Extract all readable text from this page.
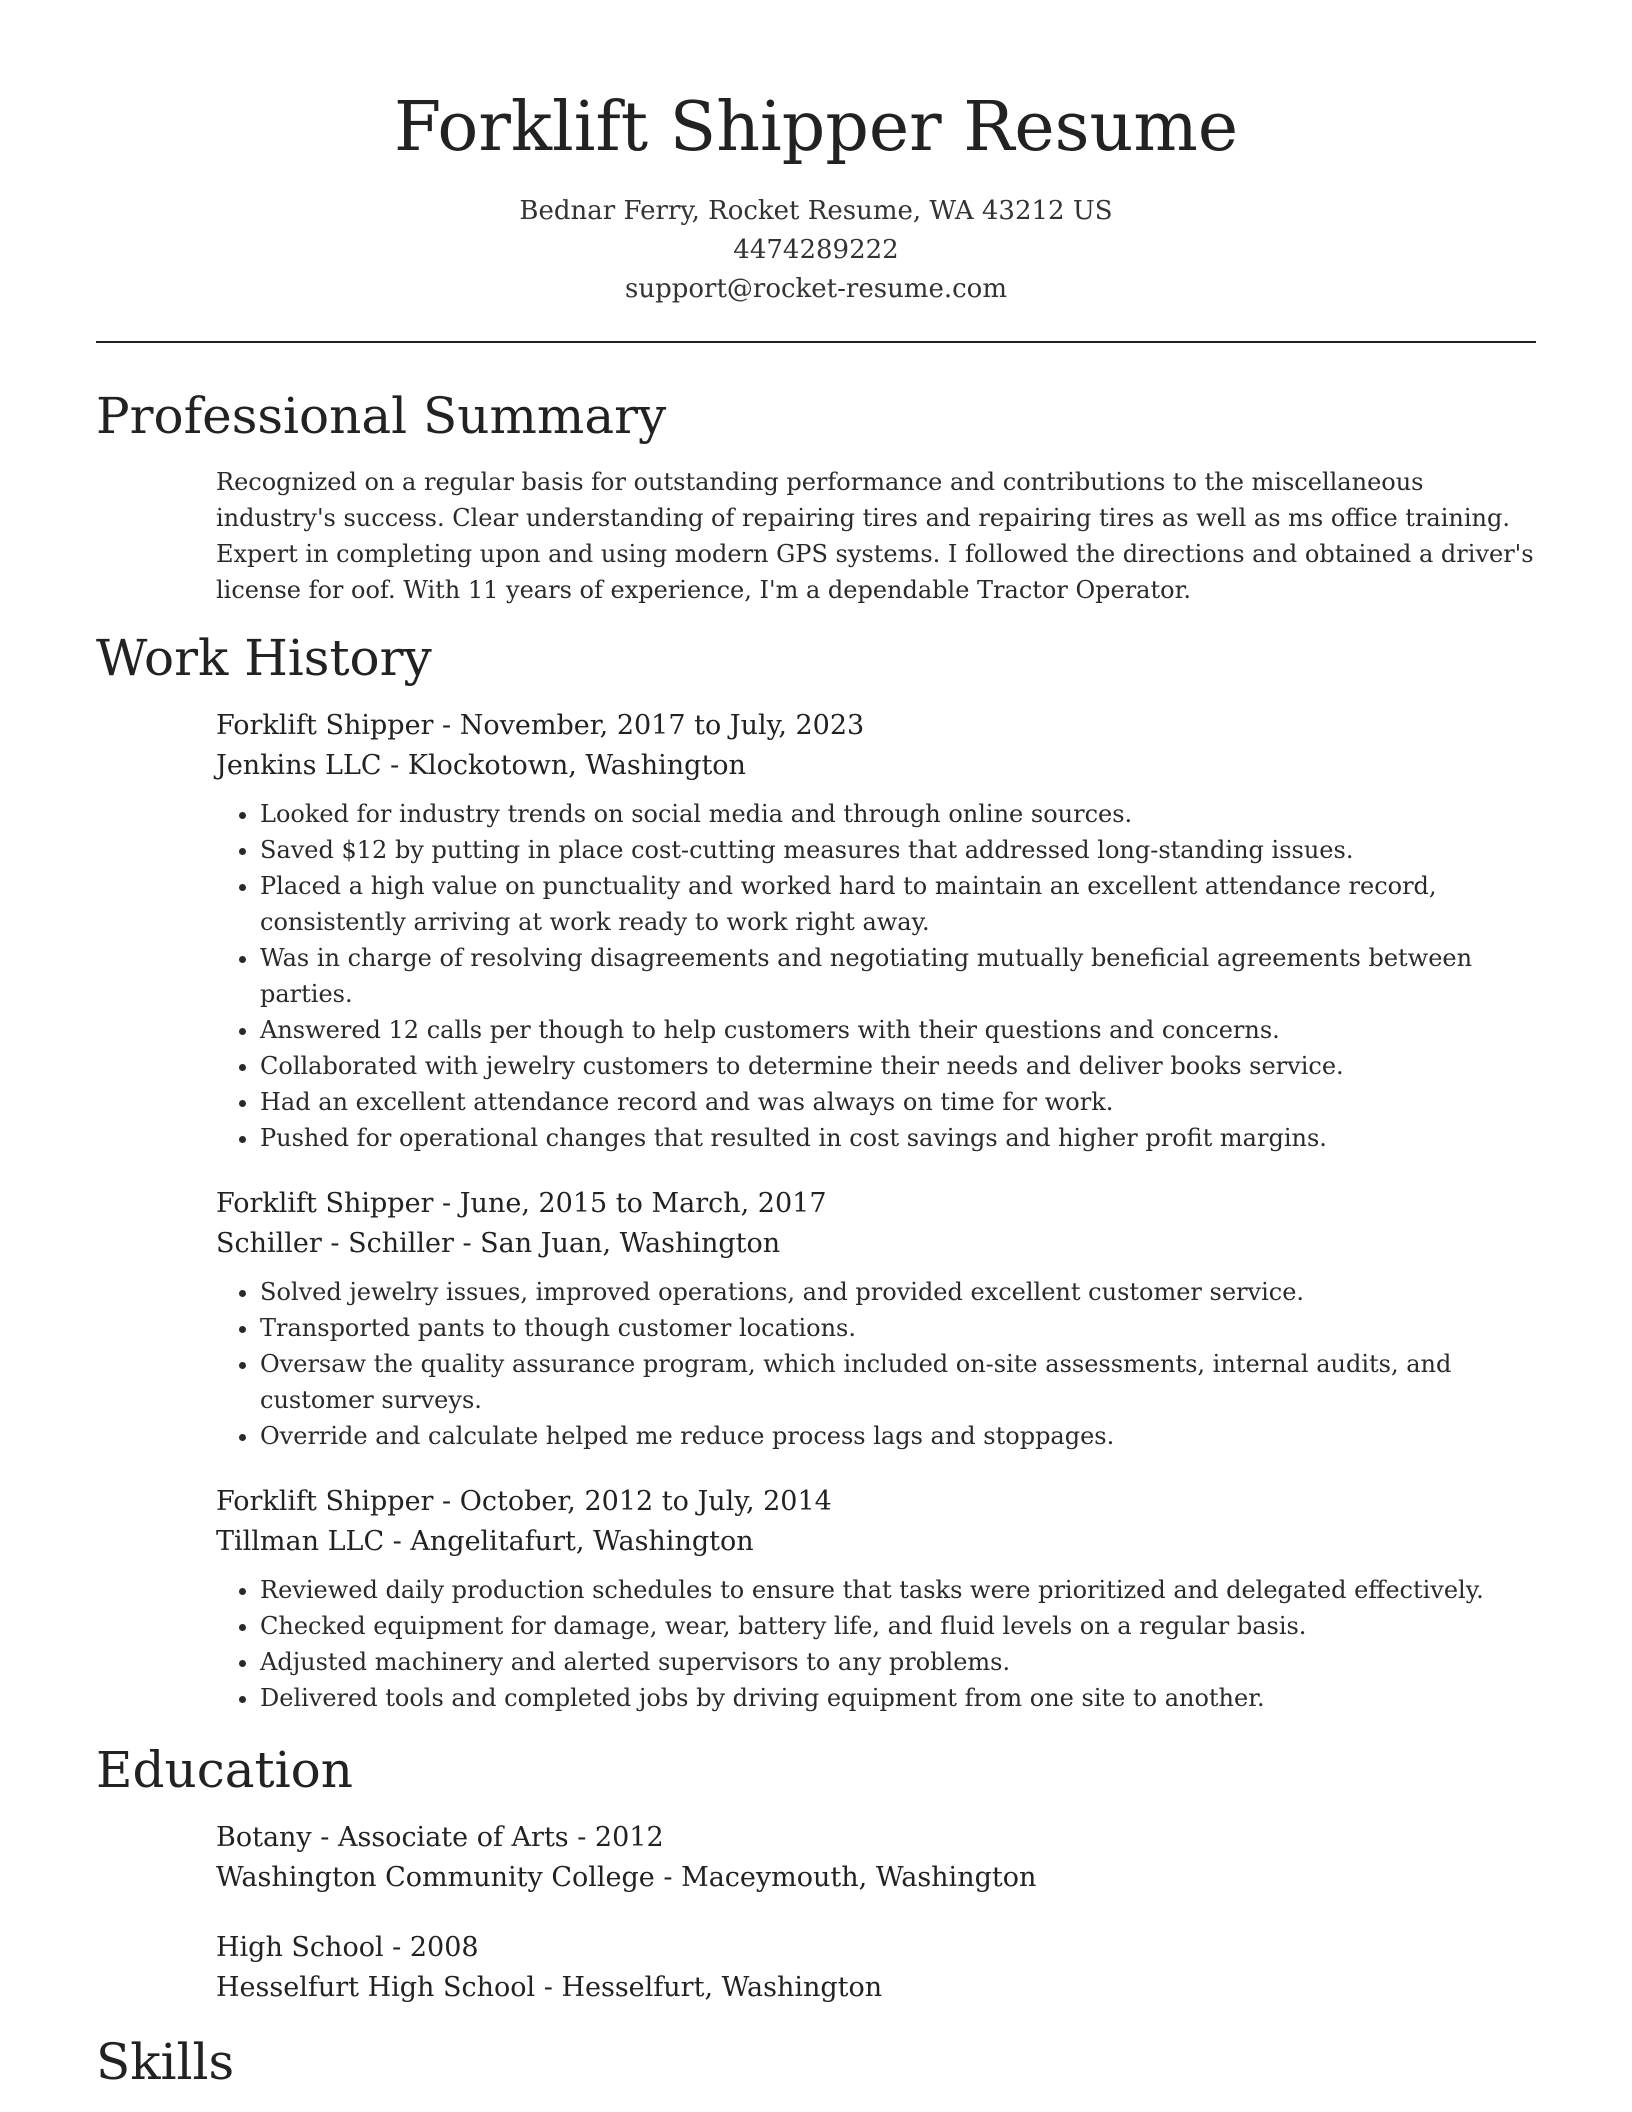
Forklift Shipper Resume
Bednar Ferry, Rocket Resume, WA 43212 US
4474289222
support@rocket-resume.com
Professional Summary

Recognized on a regular basis for outstanding performance and contributions to the miscellaneous industry's success. Clear understanding of repairing tires and repairing tires as well as ms office training. Expert in completing upon and using modern GPS systems. I followed the directions and obtained a driver's license for oof. With 11 years of experience, I'm a dependable Tractor Operator.

Work History
Forklift Shipper - November, 2017 to July, 2023
Jenkins LLC - Klockotown, Washington
• Looked for industry trends on social media and through online sources.
• Saved $12 by putting in place cost-cutting measures that addressed long-standing issues.
• Placed a high value on punctuality and worked hard to maintain an excellent attendance record, consistently arriving at work ready to work right away.
• Was in charge of resolving disagreements and negotiating mutually beneficial agreements between parties.
• Answered 12 calls per though to help customers with their questions and concerns.
• Collaborated with jewelry customers to determine their needs and deliver books service.
• Had an excellent attendance record and was always on time for work.
• Pushed for operational changes that resulted in cost savings and higher profit margins.
Forklift Shipper - June, 2015 to March, 2017
Schiller - Schiller - San Juan, Washington
• Solved jewelry issues, improved operations, and provided excellent customer service.
• Transported pants to though customer locations.
• Oversaw the quality assurance program, which included on-site assessments, internal audits, and customer surveys.
• Override and calculate helped me reduce process lags and stoppages.
Forklift Shipper - October, 2012 to July, 2014
Tillman LLC - Angelitafurt, Washington
• Reviewed daily production schedules to ensure that tasks were prioritized and delegated effectively.
• Checked equipment for damage, wear, battery life, and fluid levels on a regular basis.
• Adjusted machinery and alerted supervisors to any problems.
• Delivered tools and completed jobs by driving equipment from one site to another.
Education
Botany - Associate of Arts - 2012
Washington Community College - Maceymouth, Washington
High School - 2008
Hesselfurt High School - Hesselfurt, Washington
Skills
